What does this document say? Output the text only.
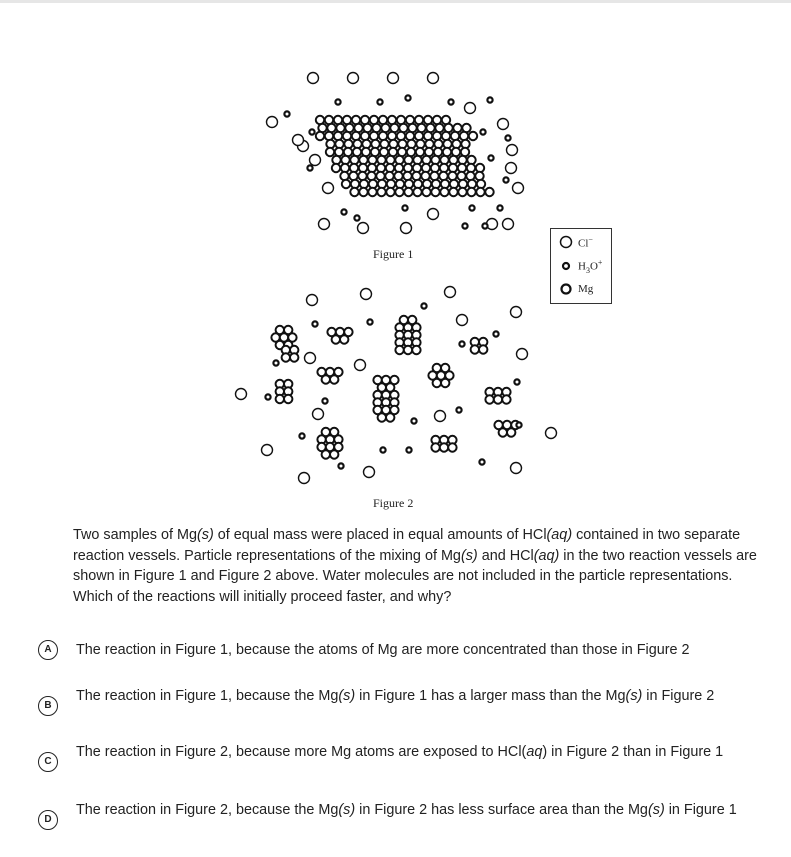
Figure 1
Cl−
$H_3O^+$
Mg
Figure 2
Two samples of Mg(s) of equal mass were placed in equal amounts of HCl(aq) contained in two separate reaction vessels. Particle representations of the mixing of Mg(s) and HCl(aq) in the two reaction vessels are shown in Figure 1 and Figure 2 above. Water molecules are not included in the particle representations. Which of the reactions will initially proceed faster, and why?
A	The reaction in Figure 1, because the atoms of Mg are more concentrated than those in Figure 2
B
The reaction in Figure 1, because the Mg(s) in Figure 1 has a larger mass than the Mg(s) in Figure 2
C
The reaction in Figure 2, because more Mg atoms are exposed to HCl(aq) in Figure 2 than in Figure 1
D
The reaction in Figure 2, because the Mg(s) in Figure 2 has less surface area than the Mg(s) in Figure 1
